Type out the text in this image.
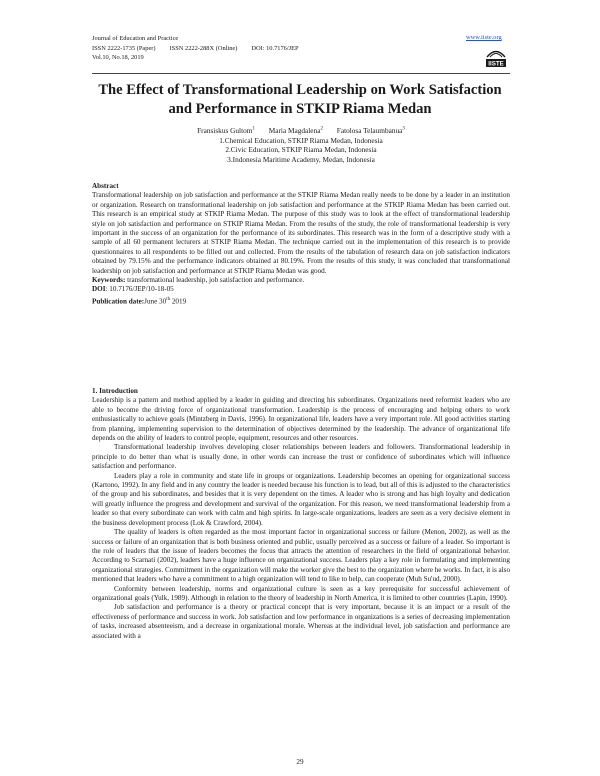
Journal of Education and Practice
ISSN 2222-1735 (Paper) ISSN 2222-288X (Online) DOI: 10.7176/JEP
Vol.10, No.18, 2019
www.iiste.org
IISTE
The Effect of Transformational Leadership on Work Satisfaction
and Performance in STKIP Riama Medan
Fransiskus Gultom$^1$ Maria Magdalena$^2$ Fatolosa Telaumbanua$^3$
1.Chemical Education, STKIP Riama Medan, Indonesia
2.Civic Education, STKIP Riama Medan, Indonesia
3.Indonesia Maritime Academy, Medan, Indonesia

Abstract

Transformational leadership on job satisfaction and performance at the STKIP Riama Medan really needs to be done by a leader in an institution or organization. Research on transformational leadership on job satisfaction and performance at the STKIP Riama Medan has been carried out. This research is an empirical study at STKIP Riama Medan. The purpose of this study was to look at the effect of transformational leadership style on job satisfaction and performance on STKIP Riama Medan. From the results of the study, the role of transformational leadership is very important in the success of an organization for the performance of its subordinates. This research was in the form of a descriptive study with a sample of all 60 permanent lecturers at STKIP Riama Medan. The technique carried out in the implementation of this research is to provide questionnaires to all respondents to be filled out and collected. From the results of the tabulation of research data on job satisfaction indicators obtained by 79.15% and the performance indicators obtained at 80.19%. From the results of this study, it was concluded that transformational leadership on job satisfaction and performance at STKIP Riama Medan was good.

Keywords: transformational leadership, job satisfaction and performance.

DOI: 10.7176/JEP/10-18-05

Publication date:June 30th 2019

1. Introduction

Leadership is a pattern and method applied by a leader in guiding and directing his subordinates. Organizations need reformist leaders who are able to become the driving force of organizational transformation. Leadership is the process of encouraging and helping others to work enthusiastically to achieve goals (Mintzberg in Davis, 1996). In organizational life, leaders have a very important role. All good activities starting from planning, implementing supervision to the determination of objectives determined by the leadership. The advance of organizational life depends on the ability of leaders to control people, equipment, resources and other resources.

Transformational leadership involves developing closer relationships between leaders and followers. Transformational leadership in principle to do better than what is usually done, in other words can increase the trust or confidence of subordinates which will influence satisfaction and performance.

Leaders play a role in community and state life in groups or organizations. Leadership becomes an opening for organizational success (Kartono, 1992). In any field and in any country the leader is needed because his function is to lead, but all of this is adjusted to the characteristics of the group and his subordinates, and besides that it is very dependent on the times. A leader who is strong and has high loyalty and dedication will greatly influence the progress and development and survival of the organization. For this reason, we need transformational leadership from a leader so that every subordinate can work with calm and high spirits. In large-scale organizations, leaders are seen as a very decisive element in the business development process (Lok & Crawford, 2004).

The quality of leaders is often regarded as the most important factor in organizational success or failure (Menon, 2002), as well as the success or failure of an organization that is both business oriented and public, usually perceived as a success or failure of a leader. So important is the role of leaders that the issue of leaders becomes the focus that attracts the attention of researchers in the field of organizational behavior. According to Scarnati (2002), leaders have a huge influence on organizational success. Leaders play a key role in formulating and implementing organizational strategies. Commitment in the organization will make the worker give the best to the organization where he works. In fact, it is also mentioned that leaders who have a commitment to a high organization will tend to like to help, can cooperate (Muh Su'ud, 2000).

Conformity between leadership, norms and organizational culture is seen as a key prerequisite for successful achievement of organizational goals (Yulk, 1989). Although in relation to the theory of leadership in North America, it is limited to other countries (Lapin, 1990).

Job satisfaction and performance is a theory or practical concept that is very important, because it is an impact or a result of the effectiveness of performance and success in work. Job satisfaction and low performance in organizations is a series of decreasing implementation of tasks, increased absenteeism, and a decrease in organizational morale. Whereas at the individual level, job satisfaction and performance are associated with a

29
